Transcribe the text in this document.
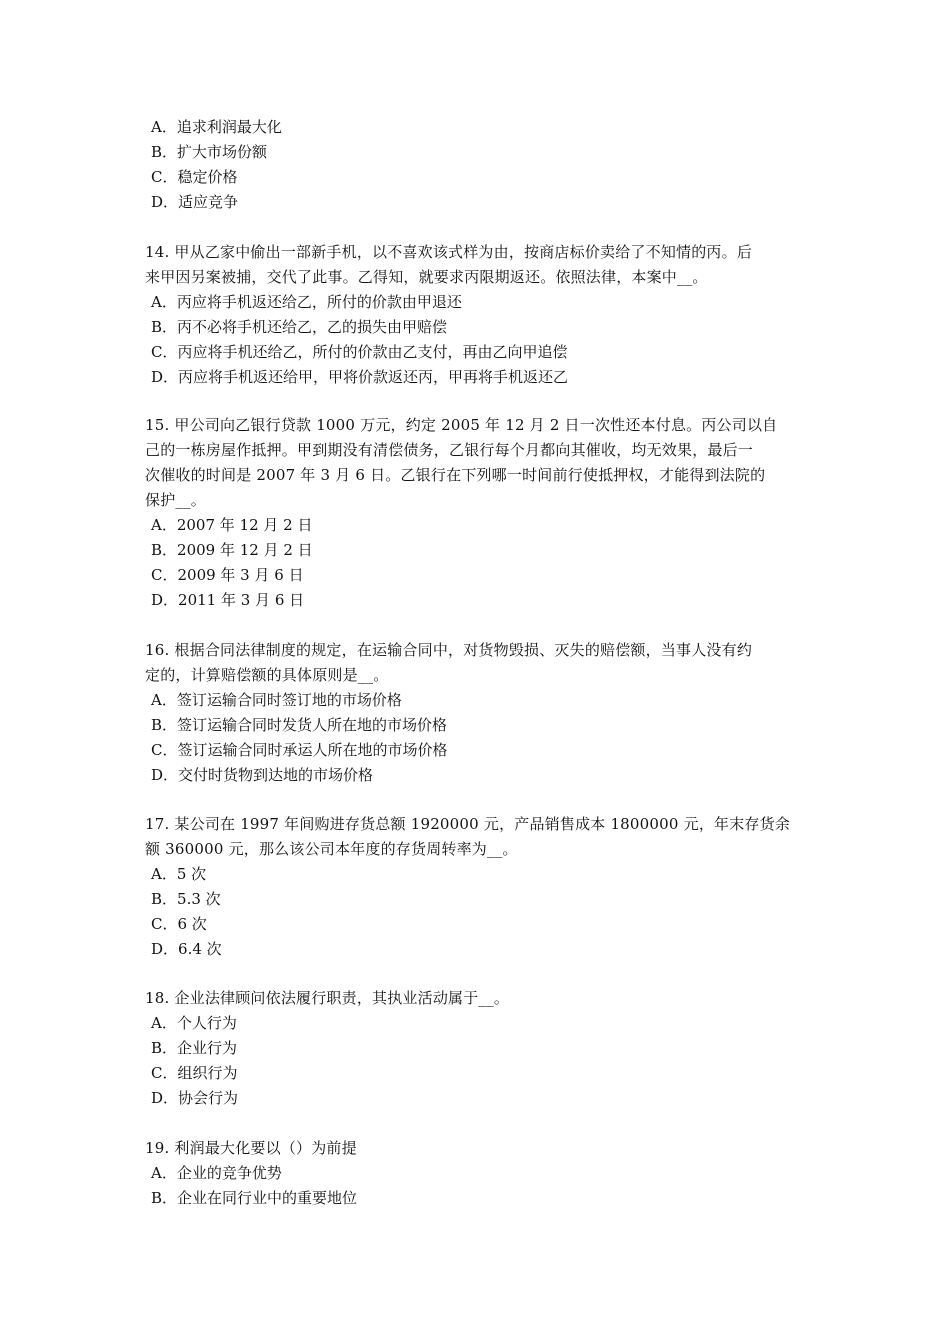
A．追求利润最大化
B．扩大市场份额
C．稳定价格
D．适应竞争
14. 甲从乙家中偷出一部新手机，以不喜欢该式样为由，按商店标价卖给了不知情的丙。后
来甲因另案被捕，交代了此事。乙得知，就要求丙限期返还。依照法律，本案中__。
A．丙应将手机返还给乙，所付的价款由甲退还
B．丙不必将手机还给乙，乙的损失由甲赔偿
C．丙应将手机还给乙，所付的价款由乙支付，再由乙向甲追偿
D．丙应将手机返还给甲，甲将价款返还丙，甲再将手机返还乙
15. 甲公司向乙银行贷款 1000 万元，约定 2005 年 12 月 2 日一次性还本付息。丙公司以自
己的一栋房屋作抵押。甲到期没有清偿债务，乙银行每个月都向其催收，均无效果，最后一
次催收的时间是 2007 年 3 月 6 日。乙银行在下列哪一时间前行使抵押权，才能得到法院的
保护__。
A．2007 年 12 月 2 日
B．2009 年 12 月 2 日
C．2009 年 3 月 6 日
D．2011 年 3 月 6 日
16. 根据合同法律制度的规定，在运输合同中，对货物毁损、灭失的赔偿额，当事人没有约
定的，计算赔偿额的具体原则是__。
A．签订运输合同时签订地的市场价格
B．签订运输合同时发货人所在地的市场价格
C．签订运输合同时承运人所在地的市场价格
D．交付时货物到达地的市场价格
17. 某公司在 1997 年间购进存货总额 1920000 元，产品销售成本 1800000 元，年末存货余
额 360000 元，那么该公司本年度的存货周转率为__。
A．5 次
B．5.3 次
C．6 次
D．6.4 次
18. 企业法律顾问依法履行职责，其执业活动属于__。
A．个人行为
B．企业行为
C．组织行为
D．协会行为
19. 利润最大化要以（）为前提
A．企业的竞争优势
B．企业在同行业中的重要地位
